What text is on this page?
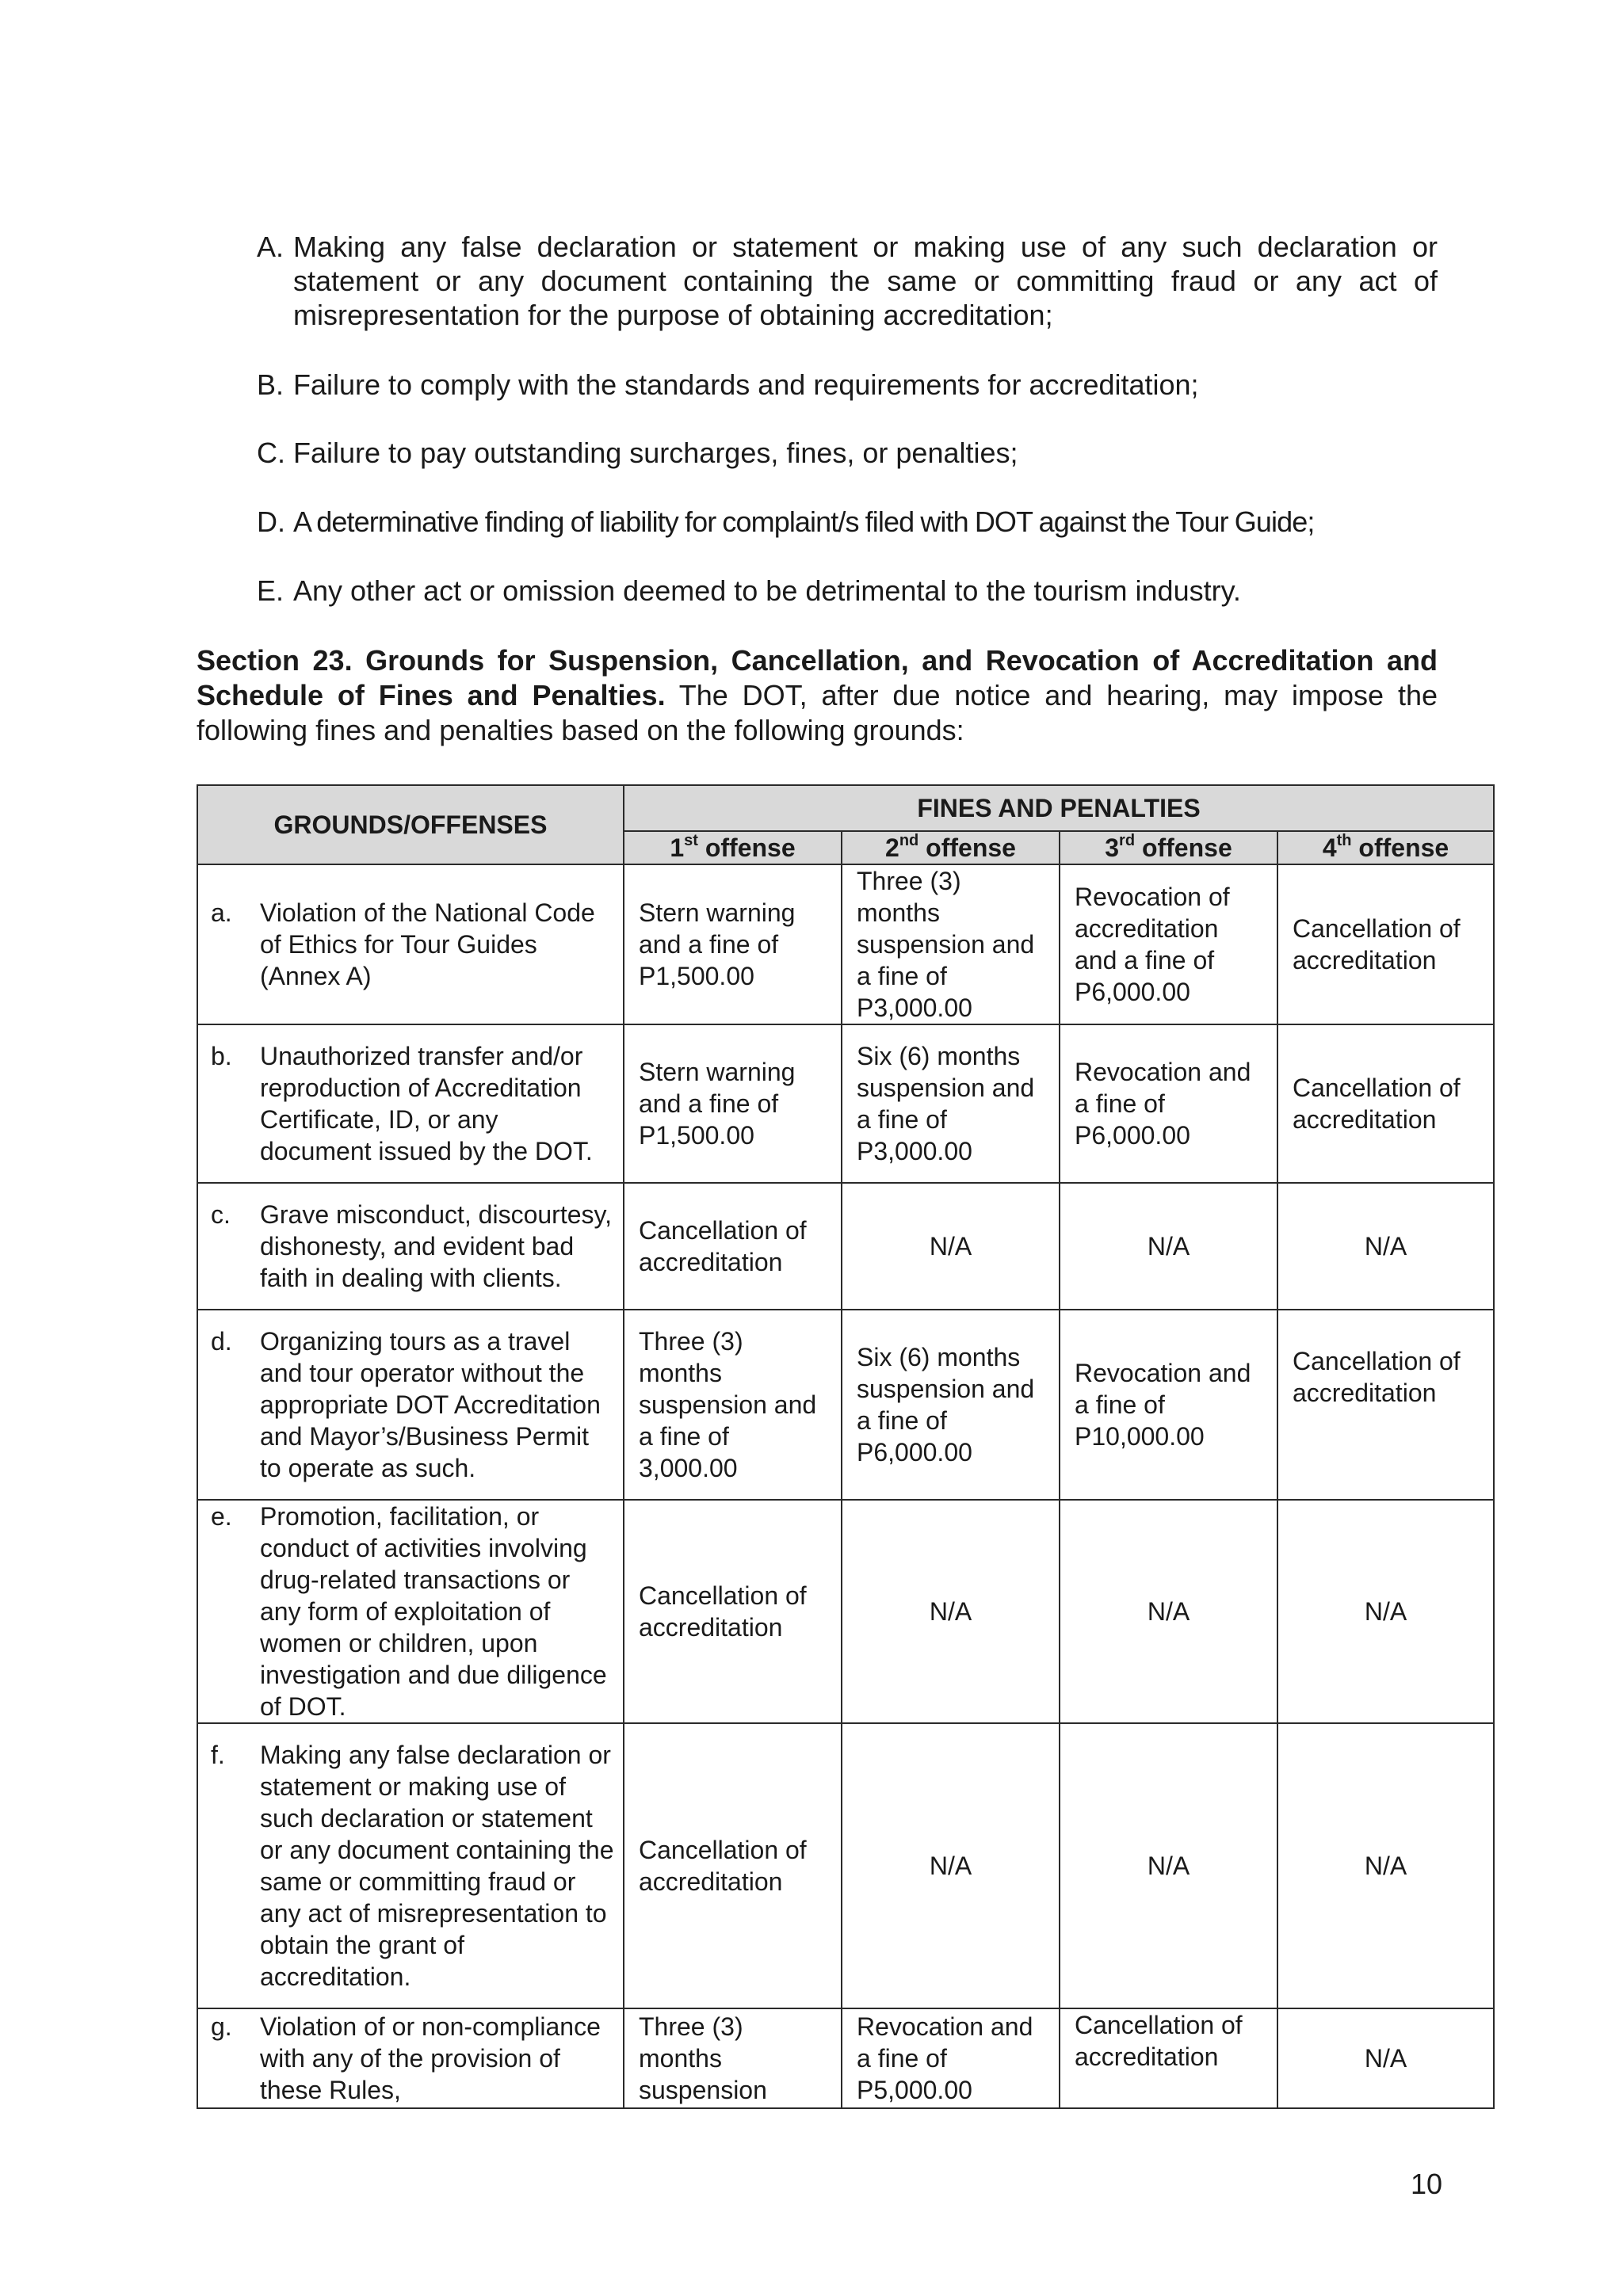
A. Making any false declaration or statement or making use of any such declaration or statement or any document containing the same or committing fraud or any act of misrepresentation for the purpose of obtaining accreditation;
B. Failure to comply with the standards and requirements for accreditation;
C. Failure to pay outstanding surcharges, fines, or penalties;
D. A determinative finding of liability for complaint/s filed with DOT against the Tour Guide;
E. Any other act or omission deemed to be detrimental to the tourism industry.

Section 23. Grounds for Suspension, Cancellation, and Revocation of Accreditation and Schedule of Fines and Penalties. The DOT, after due notice and hearing, may impose the following fines and penalties based on the following grounds:

GROUNDS/OFFENSES	FINES AND PENALTIES			
	1st offense	2nd offense	3rd offense	4th offense

a. Violation of the National Code of Ethics for Tour Guides (Annex A)	Stern warning and a fine of P1,500.00	Three (3) months suspension and a fine of P3,000.00	Revocation of accreditation and a fine of P6,000.00	Cancellation of accreditation

b. Unauthorized transfer and/or reproduction of Accreditation Certificate, ID, or any document issued by the DOT.	Stern warning and a fine of P1,500.00	Six (6) months suspension and a fine of P3,000.00	Revocation and a fine of P6,000.00	Cancellation of accreditation

c. Grave misconduct, discourtesy, dishonesty, and evident bad faith in dealing with clients.	Cancellation of accreditation	N/A	N/A	N/A

d. Organizing tours as a travel and tour operator without the appropriate DOT Accreditation and Mayor’s/Business Permit to operate as such.	Three (3) months suspension and a fine of 3,000.00	Six (6) months suspension and a fine of P6,000.00	Revocation and a fine of P10,000.00	Cancellation of accreditation

e. Promotion, facilitation, or conduct of activities involving drug-related transactions or any form of exploitation of women or children, upon investigation and due diligence of DOT.	Cancellation of accreditation	N/A	N/A	N/A

f. Making any false declaration or statement or making use of such declaration or statement or any document containing the same or committing fraud or any act of misrepresentation to obtain the grant of accreditation.	Cancellation of accreditation	N/A	N/A	N/A

g. Violation of or non-compliance with any of the provision of these Rules,	Three (3) months suspension	Revocation and a fine of P5,000.00	Cancellation of accreditation	N/A
10
